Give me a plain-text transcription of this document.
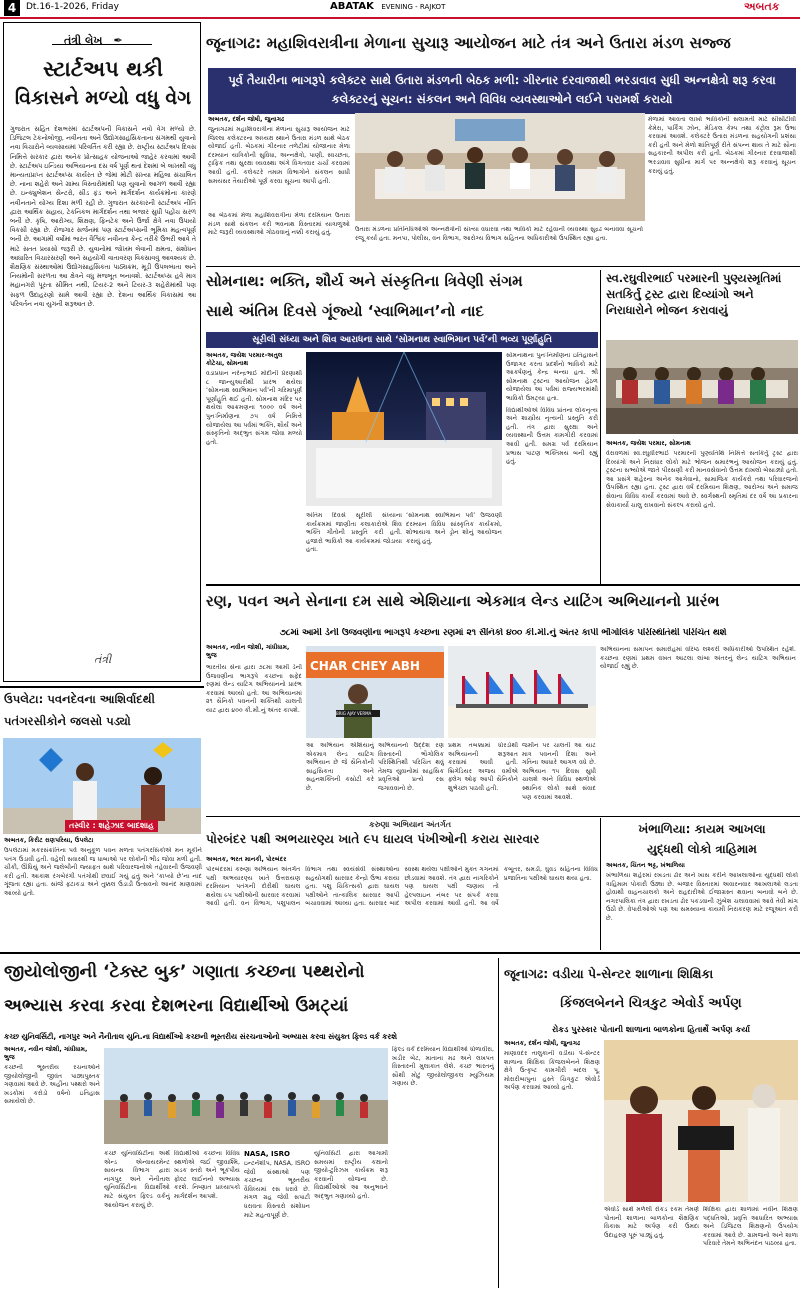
4	Dt.16-1-2026, Friday	ABATAK EVENING - RAJKOT	અબતક
તંત્રી લેખ ✒
સ્ટાર્ટઅપ થકી
વિકાસને મળ્યો વધુ વેગ
ગુજરાત સહિત દેશભરમાં સ્ટાર્ટઅપની વિકાસને નવો વેગ મળ્યો છે. ડિજિટલ ટેકનોલોજી, નવીનતા અને ઉદ્યોગસાહસિકતાના સંગમથી યુવાનો નવા વિચારોને વ્યવસાયમાં પરિવર્તિત કરી રહ્યા છે. રાષ્ટ્રીય સ્ટાર્ટઅપ દિવસ નિમિત્તે સરકાર દ્વારા અનેક પ્રોત્સાહક યોજનાઓ જાહેર કરવામાં આવી છે. સ્ટાર્ટઅપ ઇન્ડિયા અભિયાનના દસ વર્ષ પૂર્ણ થતાં દેશમાં બે લાખથી વધુ માન્યતાપ્રાપ્ત સ્ટાર્ટઅપ્સ કાર્યરત છે જેમાં મોટી સંખ્યા મહિલા સંચાલિત છે. નાના શહેરો અને ગ્રામ્ય વિસ્તારોમાંથી પણ યુવાનો આગળ આવી રહ્યા છે. ઇન્ક્યુબેશન સેન્ટરો, સીડ ફંડ અને માર્ગદર્શન કાર્યક્રમોના કારણે નવીનતાને યોગ્ય દિશા મળી રહી છે. ગુજરાત સરકારની સ્ટાર્ટઅપ નીતિ દ્વારા આર્થિક સહાય, ટેકનિકલ માર્ગદર્શન તથા બજાર સુધી પહોંચ સરળ બની છે. કૃષિ, આરોગ્ય, શિક્ષણ, ફિનટેક અને ઉર્જા ક્ષેત્રે નવા ઉપાયો વિકસી રહ્યા છે. રોજગાર સર્જનમાં પણ સ્ટાર્ટઅપ્સની ભૂમિકા મહત્વપૂર્ણ બની છે. આગામી વર્ષોમાં ભારત વૈશ્વિક નવીનતા કેન્દ્ર તરીકે ઉભરી આવે તે માટે સતત પ્રયાસો જરૂરી છે. યુવાનોમાં જોખમ લેવાની ક્ષમતા, સંશોધન આધારિત વિચારસરણી અને સહયોગી વાતાવરણ વિકસાવવું આવશ્યક છે. શૈક્ષણિક સંસ્થાઓમાં ઉદ્યોગસાહસિકતા પાઠ્યક્રમ, મૂડી ઉપલબ્ધતા અને નિયમોની સરળતા આ ક્ષેત્રને વધુ મજબૂત બનાવશે. સ્ટાર્ટઅપ્સ હવે માત્ર મહાનગરો પૂરતા સીમિત નથી, ટિયર-2 અને ટિયર-3 શહેરોમાંથી પણ સફળ ઉદાહરણો સામે આવી રહ્યા છે. દેશના આર્થિક વિકાસમાં આ પરિવર્તન નવા યુગની શરૂઆત છે.
તંત્રી
જૂનાગઢ: મહાશિવરાત્રીના મેળાના સુચારૂ આયોજન માટે તંત્ર અને ઉતારા મંડળ સજ્જ
પૂર્વ તૈયારીના ભાગરૂપે કલેક્ટર સાથે ઉતારા મંડળની બેઠક મળી: ગીરનાર દરવાજાથી ભરડાવાવ સુધી અન્નક્ષેત્રો શરૂ કરવા કલેક્ટરનું સૂચન: સંકલન અને વિવિધ વ્યવસ્થાઓને લઈને પરામર્શ કરાયો
અબતક, દર્શન જોષી, જુનાગઢ
જુનાગઢમાં મહાશિવરાત્રીના મેળાના સુચારૂ આયોજન માટે જિલ્લા કલેક્ટરના અધ્યક્ષ સ્થાને ઉતારા મંડળ સાથે બેઠક યોજાઈ હતી. બેઠકમાં ગીરનાર તળેટીમાં યોજાનાર મેળા દરમ્યાન યાત્રિકોની સુવિધા, અન્નક્ષેત્રો, પાણી, સ્વચ્છતા, ટ્રાફિક તથા સુરક્ષા વ્યવસ્થા અંગે વિગતવાર ચર્ચા કરવામાં આવી હતી. કલેક્ટરે તમામ વિભાગોને સંકલન સાધી સમયસર તૈયારીઓ પૂર્ણ કરવા સૂચના આપી હતી.
આ બેઠકમાં મેળા મહાશિવરાત્રીના મેળા દરમિયાન ઉતારા મંડળ સાથે સંકલન કરી ભવનાથ વિસ્તારમાં યાત્રાળુઓ માટે જરૂરી વ્યવસ્થાઓ ગોઠવવાનું નક્કી કરાયું હતું.	ઉતારા મંડળના પ્રતિનિધિઓએ અન્નક્ષેત્રોની સંખ્યા વધારવા તથા ભાવિકો માટે રહેવાની વ્યવસ્થા સુદ્રઢ બનાવવા સૂચનો રજૂ કર્યા હતા. મનપા, પોલીસ, વન વિભાગ, આરોગ્ય વિભાગ સહિતના અધિકારીઓ ઉપસ્થિત રહ્યા હતા.
મેળામાં આવતા લાખો ભાવિકોની સલામતી માટે સીસીટીવી કેમેરા, પાર્કિંગ ઝોન, મેડિકલ કેમ્પ તથા કંટ્રોલ રૂમ ઉભા કરવામાં આવશે. કલેક્ટરે ઉતારા મંડળના સહયોગની પ્રશંસા કરી હતી અને મેળો શાંતિપૂર્ણ રીતે સંપન્ન થાય તે માટે સૌના સહકારની અપીલ કરી હતી. બેઠકમાં ગીરનાર દરવાજાથી ભરડાવાવ સુધીના માર્ગ પર અન્નક્ષેત્રો શરૂ કરવાનું સૂચન કરાયું હતું.
સોમનાથ: ભક્તિ, શૌર્ય અને સંસ્કૃતિના ત્રિવેણી સંગમ
સાથે અંતિમ દિવસે ગૂંજ્યો ‘સ્વાભિમાન’નો નાદ
સૂરીલી સંધ્યા અને શિવ આરાધના સાથે ‘સોમનાથ સ્વાભિમાન પર્વ’ની ભવ્ય પૂર્ણાહુતિ
અબતક, જયેશ પરમાર-અતુલ કોટેચા, સોમનાથ
વડાપ્રધાન નરેન્દ્રભાઈ મોદીની પ્રેરણાથી ૮ જાન્યુઆરીથી પ્રારંભ થયેલા ‘સોમનાથ સ્વાભિમાન પર્વ’ની ગરિમાપૂર્ણ પૂર્ણાહુતિ થઈ હતી. સોમનાથ મંદિર પર થયેલા આક્રમણના ૧૦૦૦ વર્ષ અને પુનઃનિર્માણના ૭૫ વર્ષ નિમિત્તે યોજાયેલા આ પર્વમાં ભક્તિ, શૌર્ય અને સંસ્કૃતિનો અદ્ભુત સંગમ જોવા મળ્યો હતો.
અંતિમ દિવસે સૂરીલી સંધ્યાના કાર્યક્રમમાં જાણીતા કલાકારોએ શિવ ભક્તિ ગીતોની પ્રસ્તુતિ કરી હતી. હજારો ભાવિકો આ કાર્યક્રમમાં જોડાયા હતા.
‘સોમનાથ સ્વાભિમાન પર્વ’ ઉજવણી દરમ્યાન વિવિધ સાંસ્કૃતિક કાર્યક્રમો, શોભાયાત્રા અને ડ્રોન શોનું આયોજન કરાયું હતું.
સોમનાથના પુનઃનિર્માણના ઇતિહાસને ઉજાગર કરતા પ્રદર્શનો ભાવિકો માટે આકર્ષણનું કેન્દ્ર બન્યા હતા. શ્રી સોમનાથ ટ્રસ્ટના આયોજન હેઠળ યોજાયેલા આ પર્વમાં રાજ્યભરમાંથી ભાવિકો ઉમટ્યા હતા.
વિદ્યાર્થીઓએ વિવિધ પ્રાંતના લોકનૃત્ય અને શાસ્ત્રીય નૃત્યની પ્રસ્તુતિ કરી હતી. તંત્ર દ્વારા સુરક્ષા અને વ્યવસ્થાની ઉત્તમ કામગીરી કરવામાં આવી હતી. સમગ્ર પર્વ દરમિયાન પ્રભાસ પાટણ ભક્તિમય બની રહ્યું હતું.
સ્વ.રઘુવીરભાઈ પરમારની પુણ્યસ્મૃતિમાં સતકિર્તુ ટ્રસ્ટ દ્વારા દિવ્યાંગો અને નિરાધારોને ભોજન કરાવાયું
અબતક, જયેશ પરમાર, સોમનાથ
વેરાવળમાં સ્વ.રઘુવીરભાઈ પરમારની પુણ્યતિથિ નિમિત્તે સતકિર્તુ ટ્રસ્ટ દ્વારા દિવ્યાંગો અને નિરાધાર લોકો માટે ભોજન સમારંભનું આયોજન કરાયું હતું. ટ્રસ્ટના સભ્યોએ જાતે પીરસણી કરી માનવસેવાનો ઉત્તમ દાખલો બેસાડ્યો હતો. આ પ્રસંગે શહેરના અનેક આગેવાનો, સામાજિક કાર્યકરો તથા પરિવારજનો ઉપસ્થિત રહ્યા હતા. ટ્રસ્ટ દ્વારા વર્ષ દરમિયાન શિક્ષણ, આરોગ્ય અને સમાજ સેવાના વિવિધ કાર્યો કરવામાં આવે છે. સ્વર્ગસ્થની સ્મૃતિમાં દર વર્ષે આ પ્રકારના સેવાકાર્યો ચાલુ રાખવાનો સંકલ્પ કરાયો હતો.
રણ, પવન અને સેનાના દમ સાથે એશિયાના એકમાત્ર લેન્ડ યાટિંગ અભિયાનનો પ્રારંભ
૭૮માં આર્મી ડેની ઉજવણીના ભાગરૂપે કચ્છના રણમાં ૨૧ સૈનિકો ૪૦૦ કી.મી.નું અંતર કાપી ભૌગોલિક પરિસ્થિતિથી પરિચિત થશે
અબતક, નવીન જોશી, ગાંધીધામ, ભુજ
ભારતીય સેના દ્વારા ૭૮મા આર્મી ડેની ઉજવણીના ભાગરૂપે કચ્છના સફેદ રણમાં લેન્ડ યાટિંગ અભિયાનનો પ્રારંભ કરવામાં આવ્યો હતો. આ અભિયાનમાં ૨૧ સૈનિકો પવનની શક્તિથી ચાલતી યાટ દ્વારા ૪૦૦ કી.મી.નું અંતર કાપશે.
CHAR CHEY ABH
BRIG AJAY VERMA
આ અભિયાન એશિયાનું એકમાત્ર લેન્ડ યાટિંગ અભિયાન છે જે સૈનિકોની સાહસિકતા અને સહનશક્તિની કસોટી કરે છે.
અભિયાનનો ઉદ્દેશ રણ વિસ્તારની ભૌગોલિક પરિસ્થિતિથી પરિચિત થવું તેમજ યુવાનોમાં સાહસિક પ્રવૃત્તિઓ પ્રત્યે રસ જગાવવાનો છે.
પ્રથમ તબક્કામાં ધોરડોથી અભિયાનની શરૂઆત કરવામાં આવી હતી. બ્રિગેડિયર અજય વર્માએ ફ્લેગ ઓફ આપી સૈનિકોને શુભેચ્છા પાઠવી હતી.
જમીન પર ચાલતી આ યાટ માત્ર પવનની દિશા અને ગતિના આધારે આગળ વધે છે. અભિયાન ૧૫ દિવસ સુધી ચાલશે અને વિવિધ સ્થળોએ સ્થાનિક લોકો સાથે સંવાદ પણ કરવામાં આવશે.
અભિયાનના સમાપન સમારોહમાં વરિષ્ઠ લશ્કરી અધિકારીઓ ઉપસ્થિત રહેશે. કચ્છના રણમાં પ્રથમ વખત આટલા લાંબા અંતરનું લેન્ડ યાટિંગ અભિયાન યોજાઈ રહ્યું છે.
ઉપલેટા: પવનદેવના આશિર્વાદથી
પતંગરસીકોને જલસો પડ્યો
તસ્વીર : શહેઝાદ બાદશાહ
અબતક, કિરીટ રાણપરિયા, ઉપલેટા
ઉપલેટામાં મકરસંક્રાંતિના પર્વે અનુકૂળ પવન મળતા પતંગરસિકોએ મન મૂકીને પતંગ ઉડાવી હતી. વહેલી સવારથી જ ધાબાઓ પર લોકોની ભીડ જોવા મળી હતી. ચીકી, ઊંધિયું અને જલેબીની જ્યાફત સાથે પરિવારજનોએ તહેવારની ઉજવણી કરી હતી. આકાશ રંગબેરંગી પતંગોથી છવાઈ ગયું હતું અને ‘કાપ્યો છે’ના નાદ ગૂંજતા રહ્યા હતા. સાંજે ફટાકડા અને તુક્કલ ઉડાડી ઉત્સવનો આનંદ માણવામાં આવ્યો હતો.
કરુણા અભિયાન અંતર્ગત
પોરબંદર પક્ષી અભયારણ્ય ખાતે ૯૫ ઘાયલ પંખીઓની કરાય સારવાર
અબતક, ભરત માનકી, પોરબંદર
પોરબંદરમાં કરુણા અભિયાન અંતર્ગત પક્ષી અભયારણ્ય ખાતે ઉત્તરાયણ દરમિયાન પતંગની દોરીથી ઘાયલ થયેલા ૯૫ પક્ષીઓની સારવાર કરવામાં આવી હતી. વન વિભાગ, પશુપાલન વિભાગ તથા સ્વયંસેવી સંસ્થાઓના સહયોગથી સારવાર કેન્દ્રો ઉભા કરાયા હતા. પશુ ચિકિત્સકો દ્વારા ઘાયલ પક્ષીઓને તાત્કાલિક સારવાર આપી બચાવવામાં આવ્યા હતા. સારવાર બાદ સ્વસ્થ થયેલા પક્ષીઓને મુક્ત ગગનમાં છોડવામાં આવશે. તંત્ર દ્વારા નાગરિકોને પણ ઘાયલ પક્ષી જણાય તો હેલ્પલાઇન નંબર પર સંપર્ક કરવા અપીલ કરવામાં આવી હતી. આ વર્ષે કબૂતર, સમડી, ઘુવડ સહિતના વિવિધ પ્રજાતિના પક્ષીઓ ઘાયલ થયા હતા.
ખંભાળિયા: કાયમ આખલા
યુદ્ધથી લોકો ત્રાહિમામ
અબતક, ચિંતન ભટ્ટ, ખંભાળિયા
ખંભાળિયા શહેરમાં રખડતા ઢોર અને ખાસ કરીને આખલાઓના યુદ્ધથી લોકો ત્રાહિમામ પોકારી ઉઠ્યા છે. બજાર વિસ્તારમાં અવારનવાર આખલાઓ લડતા હોવાથી વાહનચાલકો અને રાહદારીઓ ઈજાગ્રસ્ત થવાના બનાવો બને છે. નગરપાલિકા તંત્ર દ્વારા રખડતા ઢોર પકડવાની ઝુંબેશ ચલાવવામાં આવે તેવી માંગ ઉઠી છે. વેપારીઓએ પણ આ સમસ્યાના કાયમી નિરાકરણ માટે રજૂઆત કરી છે.
જીયોલોજીની ‘ટેક્સ્ટ બુક’ ગણાતા કચ્છના પથ્થરોનો
અભ્યાસ કરવા કરવા દેશભરના વિદ્યાર્થીઓ ઉમટ્યાં
કચ્છ યુનિવર્સિટી, નાગપુર અને નૈનીતાલ યુનિ.ના વિદ્યાર્થીઓ કચ્છની ભૂસ્તરીય સંરચનાઓનો અભ્યાસ કરવા સંયુક્ત ફિલ્ડ વર્ક કરશે
અબતક, નવીન જોશી, ગાંધીધામ, ભુજ
કચ્છની ભૂસ્તરીય રચનાઓને જીયોલોજીની જીવંત પાઠ્યપુસ્તક ગણવામાં આવે છે. અહીંના પથ્થરો અને ખડકોમાં કરોડો વર્ષનો ઇતિહાસ સમાયેલો છે.
કચ્છ યુનિવર્સિટીના અર્થ એન્ડ એન્વાયરમેન્ટ સાયન્સ વિભાગ દ્વારા નાગપુર અને નૈનીતાલ યુનિવર્સિટીના વિદ્યાર્થીઓ માટે સંયુક્ત ફિલ્ડ વર્કનું આયોજન કરાયું છે.
વિદ્યાર્થીઓ કચ્છના વિવિધ સ્થળોએ જઈ જીવાશ્મિ, ખડક સ્તરો અને ભૂકંપીય ફોલ્ટ લાઈનનો અભ્યાસ કરશે. નિષ્ણાત પ્રાધ્યાપકો માર્ગદર્શન આપશે.
NASA, ISRO
ઇન્ટર્નશીપ, NASA, ISRO જેવી સંસ્થાઓ પણ કચ્છના ભૂસ્તરીય વૈવિધ્યમાં રસ ધરાવે છે. મંગળ ગ્રહ જેવી સપાટી ધરાવતા વિસ્તારો સંશોધન માટે મહત્વપૂર્ણ છે.
યુનિવર્સિટી દ્વારા આગામી સમયમાં રાષ્ટ્રીય કક્ષાનો જીયો-ટુરિઝમ કાર્યક્રમ શરૂ કરવાની યોજના છે. વિદ્યાર્થીઓએ આ અનુભવને અદ્ભુત ગણાવ્યો હતો.
ફિલ્ડ વર્ક દરમિયાન વિદ્યાર્થીઓ ધોળાવીરા, ખડીર બેટ, માતાના મઢ અને લખપત વિસ્તારની મુલાકાત લેશે. કચ્છ ભારતનું સૌથી મોટું જીયોલોજીકલ મ્યુઝિયમ ગણાય છે.
જૂનાગઢ: વડીયા પે-સેન્ટર શાળાના શિક્ષિકા
કિંજલબેનને ચિત્રકુટ એવોર્ડ અર્પણ
રોકડ પુરસ્કાર પોતાની શાળાના બાળકોના હિતાર્થે અર્પણ કર્યા
અબતક, દર્શન જોષી, જુનાગઢ
માણાવદર તાલુકાની વડીયા પે-સેન્ટર શાળાના શિક્ષિકા કિંજલબેનને શિક્ષણ ક્ષેત્રે ઉત્કૃષ્ટ કામગીરી બદલ પૂ. મોરારીબાપુના હસ્તે ચિત્રકુટ એવોર્ડ અર્પણ કરવામાં આવ્યો હતો.
એવોર્ડ સાથે મળેલી રોકડ રકમ તેમણે પોતાની શાળાના બાળકોના શૈક્ષણિક વિકાસ માટે અર્પણ કરી ઉમદા ઉદાહરણ પૂરું પાડ્યું હતું.
શિક્ષિકા દ્વારા શાળામાં નવીન શિક્ષણ પદ્ધતિઓ, પ્રવૃત્તિ આધારિત અભ્યાસ અને ડિજિટલ શિક્ષણનો ઉપયોગ કરવામાં આવે છે. ગ્રામજનો અને શાળા પરિવારે તેમને અભિનંદન પાઠવ્યા હતા.
